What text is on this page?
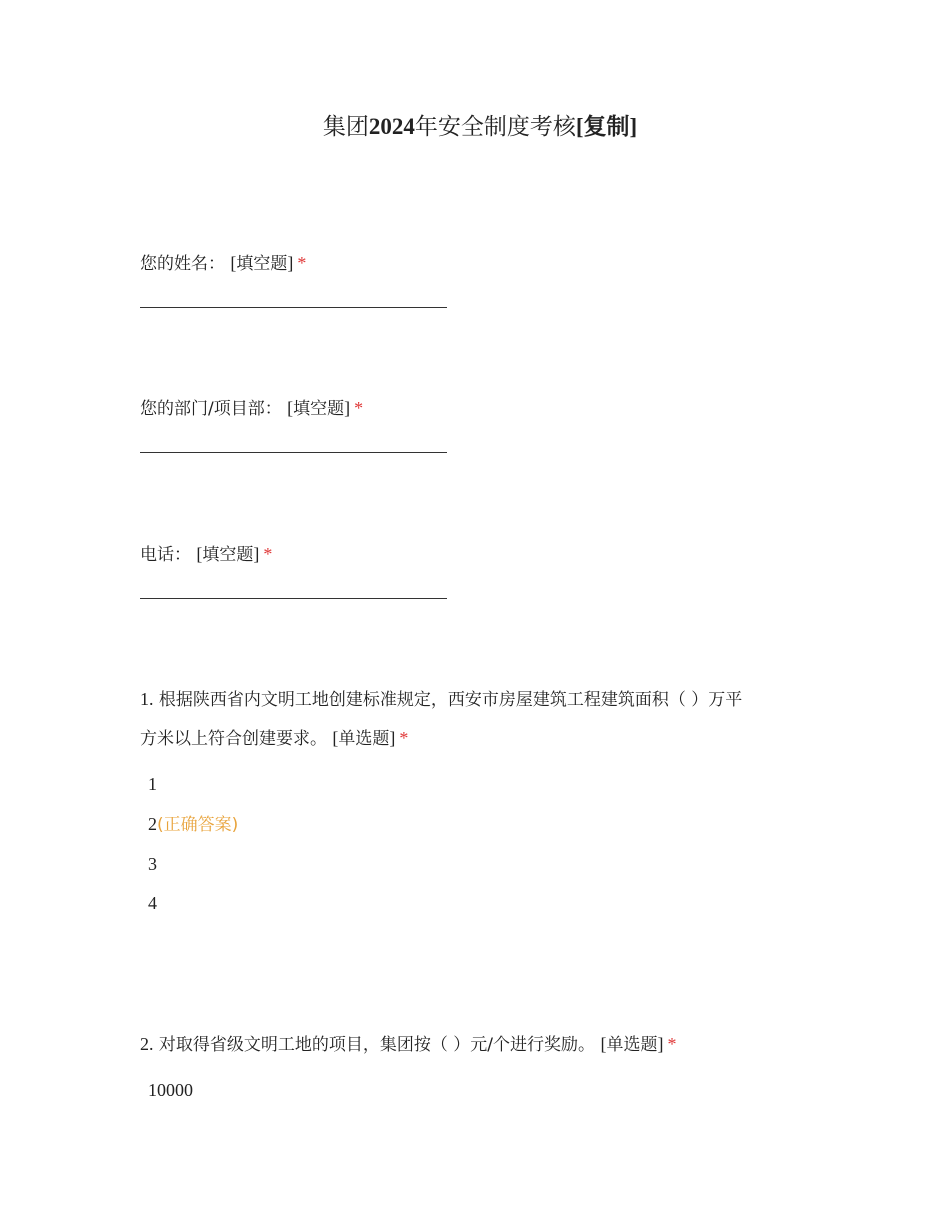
集团2024年安全制度考核[复制]
您的姓名： [填空题] *
您的部门/项目部： [填空题] *
电话： [填空题] *
1. 根据陕西省内文明工地创建标准规定，西安市房屋建筑工程建筑面积（ ）万平
方米以上符合创建要求。 [单选题] *
1
2(正确答案)
3
4
2. 对取得省级文明工地的项目，集团按（ ）元/个进行奖励。 [单选题] *
10000
